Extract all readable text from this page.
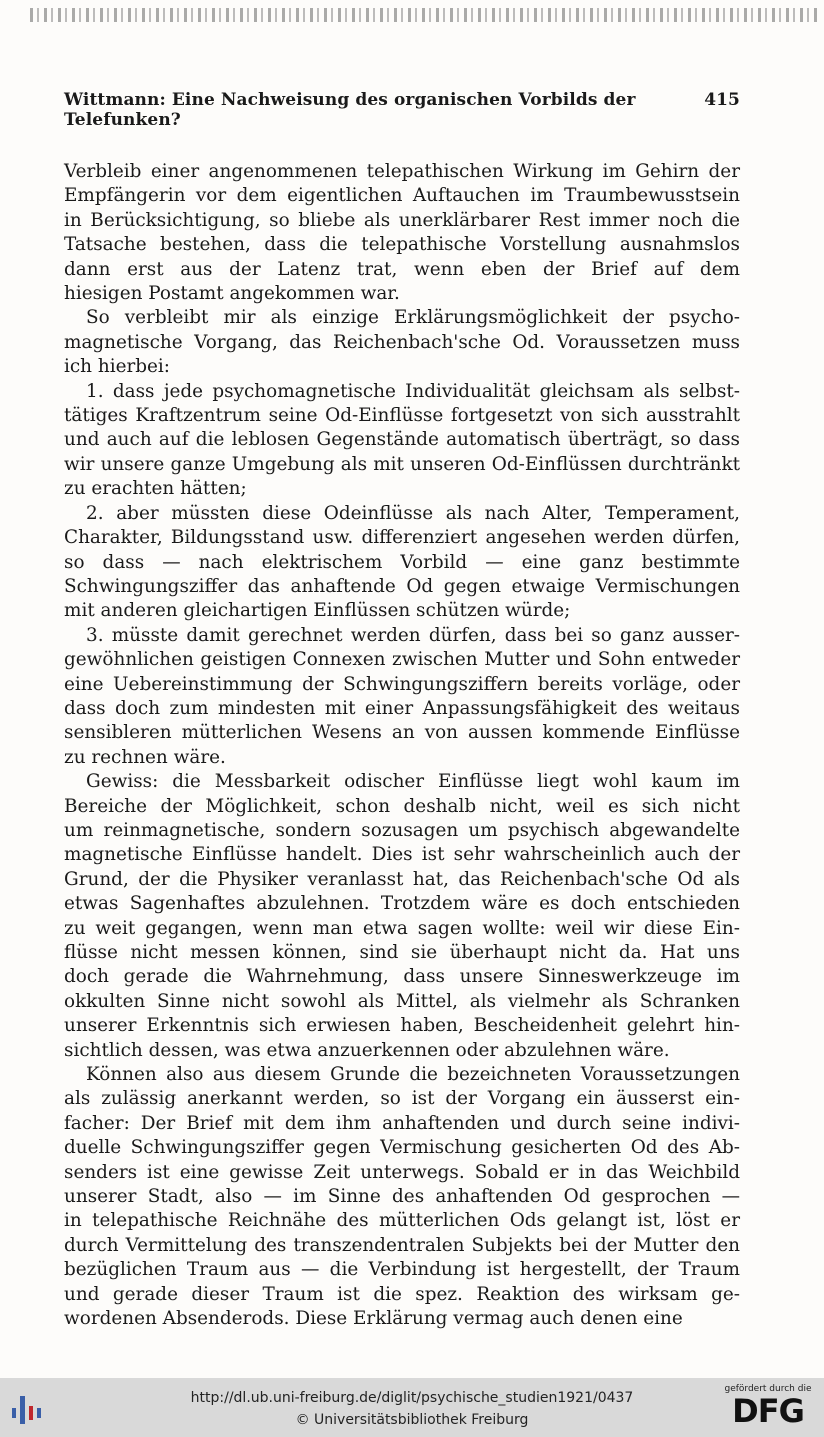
Wittmann: Eine Nachweisung des organischen Vorbilds der Telefunken?
415

Verbleib einer angenommenen telepathischen Wirkung im Gehirn der
Empfängerin vor dem eigentlichen Auftauchen im Traumbewusstsein
in Berücksichtigung, so bliebe als unerklärbarer Rest immer noch die
Tatsache bestehen, dass die telepathische Vorstellung ausnahmslos
dann erst aus der Latenz trat, wenn eben der Brief auf dem
hiesigen Postamt angekommen war.

So verbleibt mir als einzige Erklärungsmöglichkeit der psycho-
magnetische Vorgang, das Reichenbach'sche Od. Voraussetzen muss
ich hierbei:

1. dass jede psychomagnetische Individualität gleichsam als selbst-
tätiges Kraftzentrum seine Od-Einflüsse fortgesetzt von sich ausstrahlt
und auch auf die leblosen Gegenstände automatisch überträgt, so dass
wir unsere ganze Umgebung als mit unseren Od-Einflüssen durchtränkt
zu erachten hätten;

2. aber müssten diese Odeinflüsse als nach Alter, Temperament,
Charakter, Bildungsstand usw. differenziert angesehen werden dürfen,
so dass — nach elektrischem Vorbild — eine ganz bestimmte
Schwingungsziffer das anhaftende Od gegen etwaige Vermischungen
mit anderen gleichartigen Einflüssen schützen würde;

3. müsste damit gerechnet werden dürfen, dass bei so ganz ausser-
gewöhnlichen geistigen Connexen zwischen Mutter und Sohn entweder
eine Uebereinstimmung der Schwingungsziffern bereits vorläge, oder
dass doch zum mindesten mit einer Anpassungsfähigkeit des weitaus
sensibleren mütterlichen Wesens an von aussen kommende Einflüsse
zu rechnen wäre.

Gewiss: die Messbarkeit odischer Einflüsse liegt wohl kaum im
Bereiche der Möglichkeit, schon deshalb nicht, weil es sich nicht
um reinmagnetische, sondern sozusagen um psychisch abgewandelte
magnetische Einflüsse handelt. Dies ist sehr wahrscheinlich auch der
Grund, der die Physiker veranlasst hat, das Reichenbach'sche Od als
etwas Sagenhaftes abzulehnen. Trotzdem wäre es doch entschieden
zu weit gegangen, wenn man etwa sagen wollte: weil wir diese Ein-
flüsse nicht messen können, sind sie überhaupt nicht da. Hat uns
doch gerade die Wahrnehmung, dass unsere Sinneswerkzeuge im
okkulten Sinne nicht sowohl als Mittel, als vielmehr als Schranken
unserer Erkenntnis sich erwiesen haben, Bescheidenheit gelehrt hin-
sichtlich dessen, was etwa anzuerkennen oder abzulehnen wäre.

Können also aus diesem Grunde die bezeichneten Voraussetzungen
als zulässig anerkannt werden, so ist der Vorgang ein äusserst ein-
facher: Der Brief mit dem ihm anhaftenden und durch seine indivi-
duelle Schwingungsziffer gegen Vermischung gesicherten Od des Ab-
senders ist eine gewisse Zeit unterwegs. Sobald er in das Weichbild
unserer Stadt, also — im Sinne des anhaftenden Od gesprochen —
in telepathische Reichnähe des mütterlichen Ods gelangt ist, löst er
durch Vermittelung des transzendentralen Subjekts bei der Mutter den
bezüglichen Traum aus — die Verbindung ist hergestellt, der Traum
und gerade dieser Traum ist die spez. Reaktion des wirksam ge-
wordenen Absenderods. Diese Erklärung vermag auch denen eine

http://dl.ub.uni-freiburg.de/diglit/psychische_studien1921/0437
© Universitätsbibliothek Freiburg
gefördert durch die
DFG
